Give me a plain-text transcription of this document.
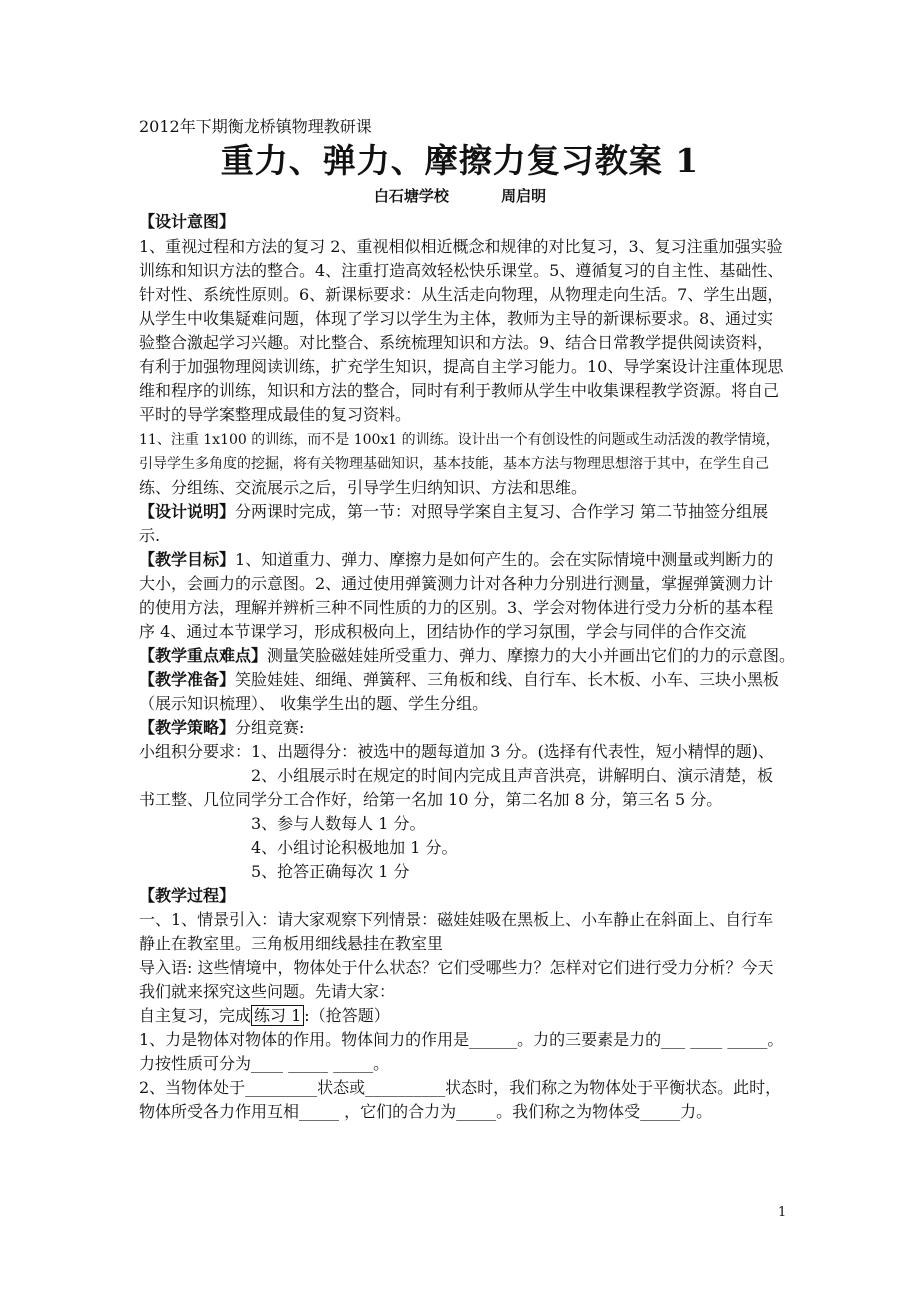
2012年下期衡龙桥镇物理教研课
重力、弹力、摩擦力复习教案 1
白石塘学校          周启明
【设计意图】
1、重视过程和方法的复习 2、重视相似相近概念和规律的对比复习，3、复习注重加强实验
训练和知识方法的整合。4、注重打造高效轻松快乐课堂。5、遵循复习的自主性、基础性、
针对性、系统性原则。6、新课标要求：从生活走向物理，从物理走向生活。7、学生出题，
从学生中收集疑难问题，体现了学习以学生为主体，教师为主导的新课标要求。8、通过实
验整合激起学习兴趣。对比整合、系统梳理知识和方法。9、结合日常教学提供阅读资料，
有利于加强物理阅读训练，扩充学生知识，提高自主学习能力。10、导学案设计注重体现思
维和程序的训练，知识和方法的整合，同时有利于教师从学生中收集课程教学资源。将自己
平时的导学案整理成最佳的复习资料。
11、注重 1x100 的训练，而不是 100x1 的训练。设计出一个有创设性的问题或生动活泼的教学情境，
引导学生多角度的挖掘，将有关物理基础知识，基本技能，基本方法与物理思想溶于其中，在学生自己
练、分组练、交流展示之后，引导学生归纳知识、方法和思维。
【设计说明】分两课时完成，第一节：对照导学案自主复习、合作学习 第二节抽签分组展
示.
【教学目标】1、知道重力、弹力、摩擦力是如何产生的。会在实际情境中测量或判断力的
大小，会画力的示意图。2、通过使用弹簧测力计对各种力分别进行测量，掌握弹簧测力计
的使用方法，理解并辨析三种不同性质的力的区别。3、学会对物体进行受力分析的基本程
序 4、通过本节课学习，形成积极向上，团结协作的学习氛围，学会与同伴的合作交流
【教学重点难点】测量笑脸磁娃娃所受重力、弹力、摩擦力的大小并画出它们的力的示意图。
【教学准备】笑脸娃娃、细绳、弹簧秤、三角板和线、自行车、长木板、小车、三块小黑板
（展示知识梳理）、 收集学生出的题、学生分组。
【教学策略】分组竞赛:
小组积分要求：1、出题得分：被选中的题每道加 3 分。(选择有代表性，短小精悍的题)、
2、小组展示时在规定的时间内完成且声音洪亮，讲解明白、演示清楚，板
书工整、几位同学分工合作好，给第一名加 10 分，第二名加 8 分，第三名 5 分。
3、参与人数每人 1 分。
4、小组讨论积极地加 1 分。
5、抢答正确每次 1 分
【教学过程】
一、1、情景引入：请大家观察下列情景：磁娃娃吸在黑板上、小车静止在斜面上、自行车
静止在教室里。三角板用细线悬挂在教室里
导入语: 这些情境中，物体处于什么状态？它们受哪些力？怎样对它们进行受力分析？今天
我们就来探究这些问题。先请大家：
自主复习，完成 练习 1 :（抢答题）
1、力是物体对物体的作用。物体间力的作用是______。力的三要素是力的___ ____ _____。
力按性质可分为____ _____ _____。
2、当物体处于_________状态或__________状态时，我们称之为物体处于平衡状态。此时，
物体所受各力作用互相_____ ，它们的合力为_____。我们称之为物体受_____力。
1
